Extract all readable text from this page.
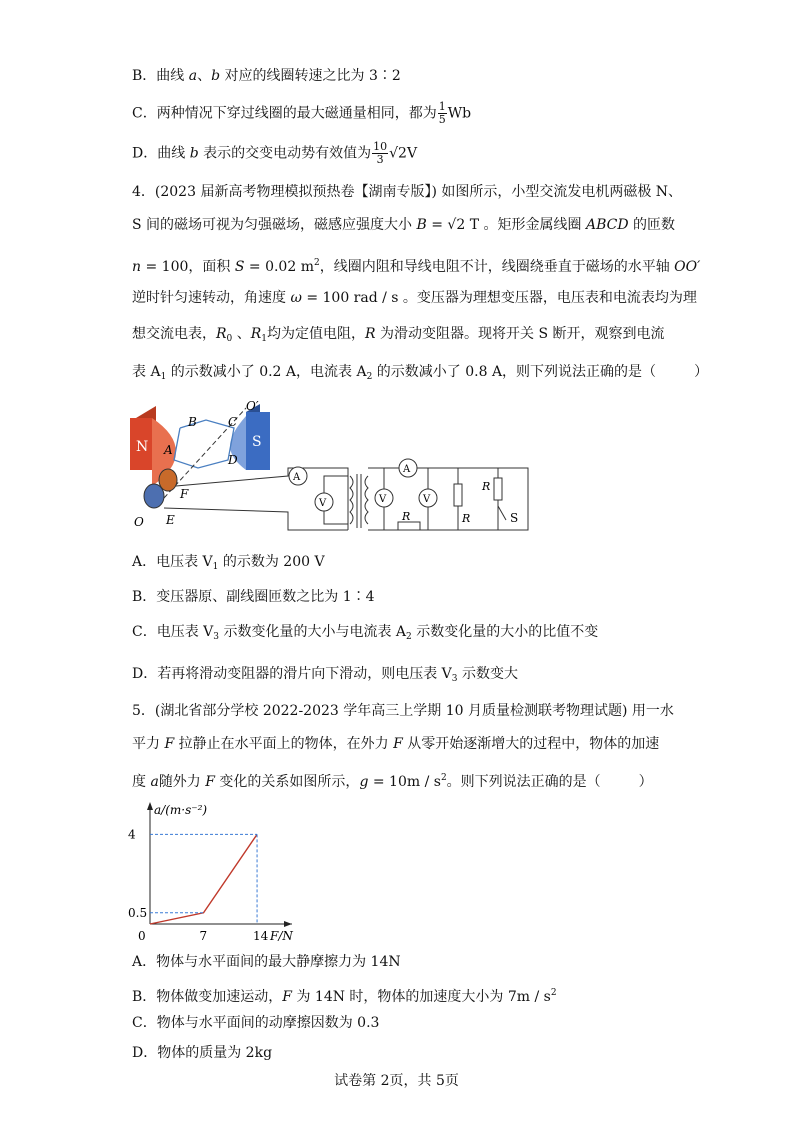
B．曲线 a、b 对应的线圈转速之比为 3∶2
C．两种情况下穿过线圈的最大磁通量相同，都为 $\frac{1}{5}$ Wb
D．曲线 b 表示的交变电动势有效值为 $\frac{10}{3} √2V$
4．(2023 届新高考物理模拟预热卷【湖南专版】) 如图所示，小型交流发电机两磁极 N、
S 间的磁场可视为匀强磁场，磁感应强度大小 B = √2 T 。矩形金属线圈 ABCD 的匝数
n = 100，面积 S = 0.02 $m^2$，线圈内阻和导线电阻不计，线圈绕垂直于磁场的水平轴 OO′
逆时针匀速转动，角速度 ω = 100 rad / s 。变压器为理想变压器，电压表和电流表均为理
想交流电表，$R_0$ 、$R_1$均为定值电阻，R 为滑动变阻器。现将开关 S 断开，观察到电流
表 $A_1$ 的示数减小了 0.2 A，电流表 $A_2$ 的示数减小了 0.8 A，则下列说法正确的是（	）
N	S
B	C
A
D
O′
F
E
O
A
V
A
V	V
R	R
R
S
A．电压表 $V_1$ 的示数为 200 V
B．变压器原、副线圈匝数之比为 1∶4
C．电压表 $V_3$ 示数变化量的大小与电流表 $A_2$ 示数变化量的大小的比值不变
D．若再将滑动变阻器的滑片向下滑动，则电压表 $V_3$ 示数变大
5．(湖北省部分学校 2022-2023 学年高三上学期 10 月质量检测联考物理试题) 用一水
平力 F 拉静止在水平面上的物体，在外力 F 从零开始逐渐增大的过程中，物体的加速
度 a随外力 F 变化的关系如图所示，$g = 10m / s^2$。则下列说法正确的是（	）
a/(m·s⁻²)
F/N
0	7	14
0.5
4
A．物体与水平面间的最大静摩擦力为 14N
B．物体做变加速运动，F 为 14N 时，物体的加速度大小为 $7m / s^2$
C．物体与水平面间的动摩擦因数为 0.3
D．物体的质量为 2kg
试卷第 2页，共 5页
